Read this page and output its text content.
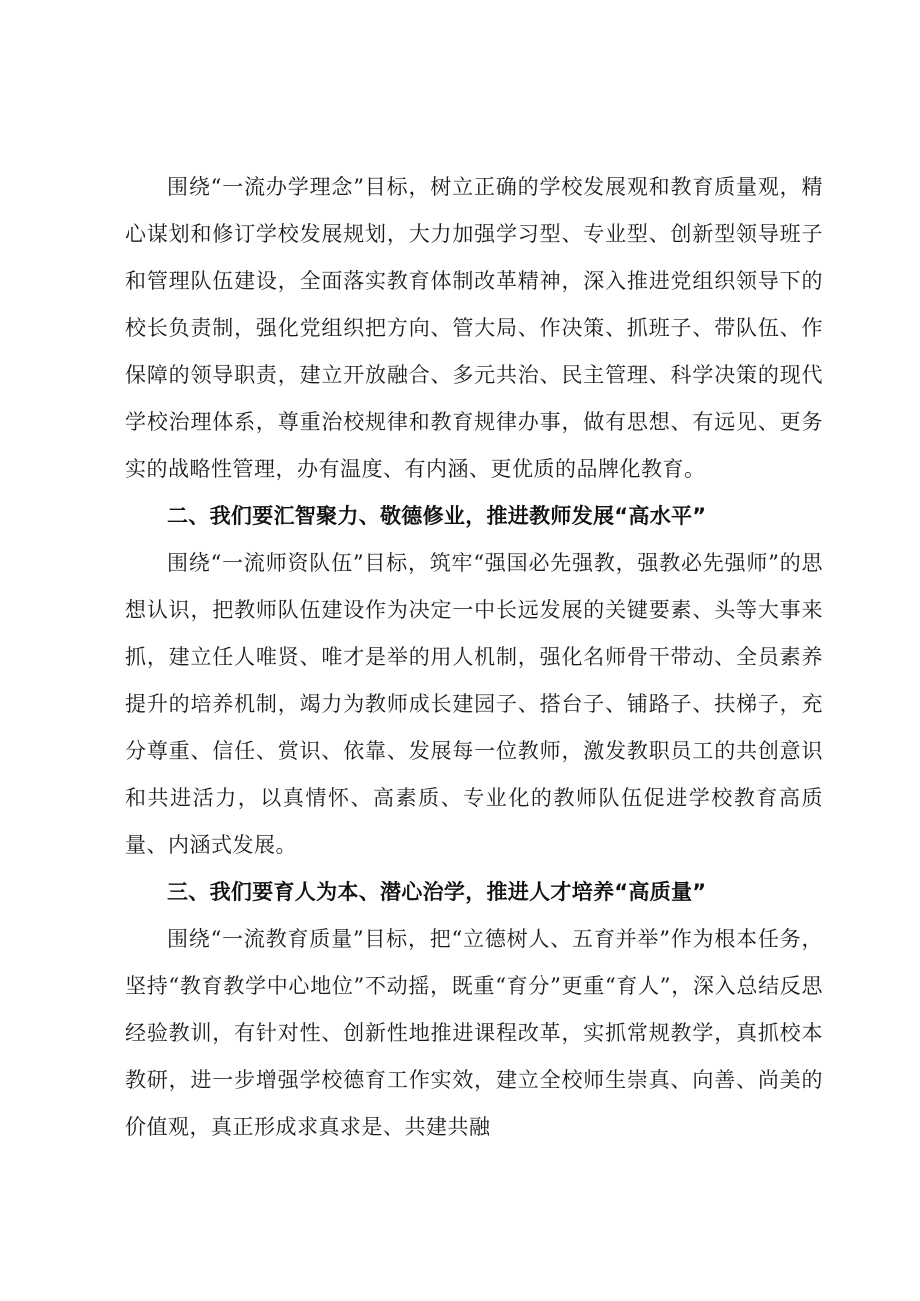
围绕“一流办学理念”目标，树立正确的学校发展观和教育质量观，精心谋划和修订学校发展规划，大力加强学习型、专业型、创新型领导班子和管理队伍建设，全面落实教育体制改革精神，深入推进党组织领导下的校长负责制，强化党组织把方向、管大局、作决策、抓班子、带队伍、作保障的领导职责，建立开放融合、多元共治、民主管理、科学决策的现代学校治理体系，尊重治校规律和教育规律办事，做有思想、有远见、更务实的战略性管理，办有温度、有内涵、更优质的品牌化教育。

二、我们要汇智聚力、敬德修业，推进教师发展“高水平”

围绕“一流师资队伍”目标，筑牢“强国必先强教，强教必先强师”的思想认识，把教师队伍建设作为决定一中长远发展的关键要素、头等大事来抓，建立任人唯贤、唯才是举的用人机制，强化名师骨干带动、全员素养提升的培养机制，竭力为教师成长建园子、搭台子、铺路子、扶梯子，充分尊重、信任、赏识、依靠、发展每一位教师，激发教职员工的共创意识和共进活力，以真情怀、高素质、专业化的教师队伍促进学校教育高质量、内涵式发展。

三、我们要育人为本、潜心治学，推进人才培养“高质量”

围绕“一流教育质量”目标，把“立德树人、五育并举”作为根本任务，坚持“教育教学中心地位”不动摇，既重“育分”更重“育人”，深入总结反思经验教训，有针对性、创新性地推进课程改革，实抓常规教学，真抓校本教研，进一步增强学校德育工作实效，建立全校师生崇真、向善、尚美的价值观，真正形成求真求是、共建共融
